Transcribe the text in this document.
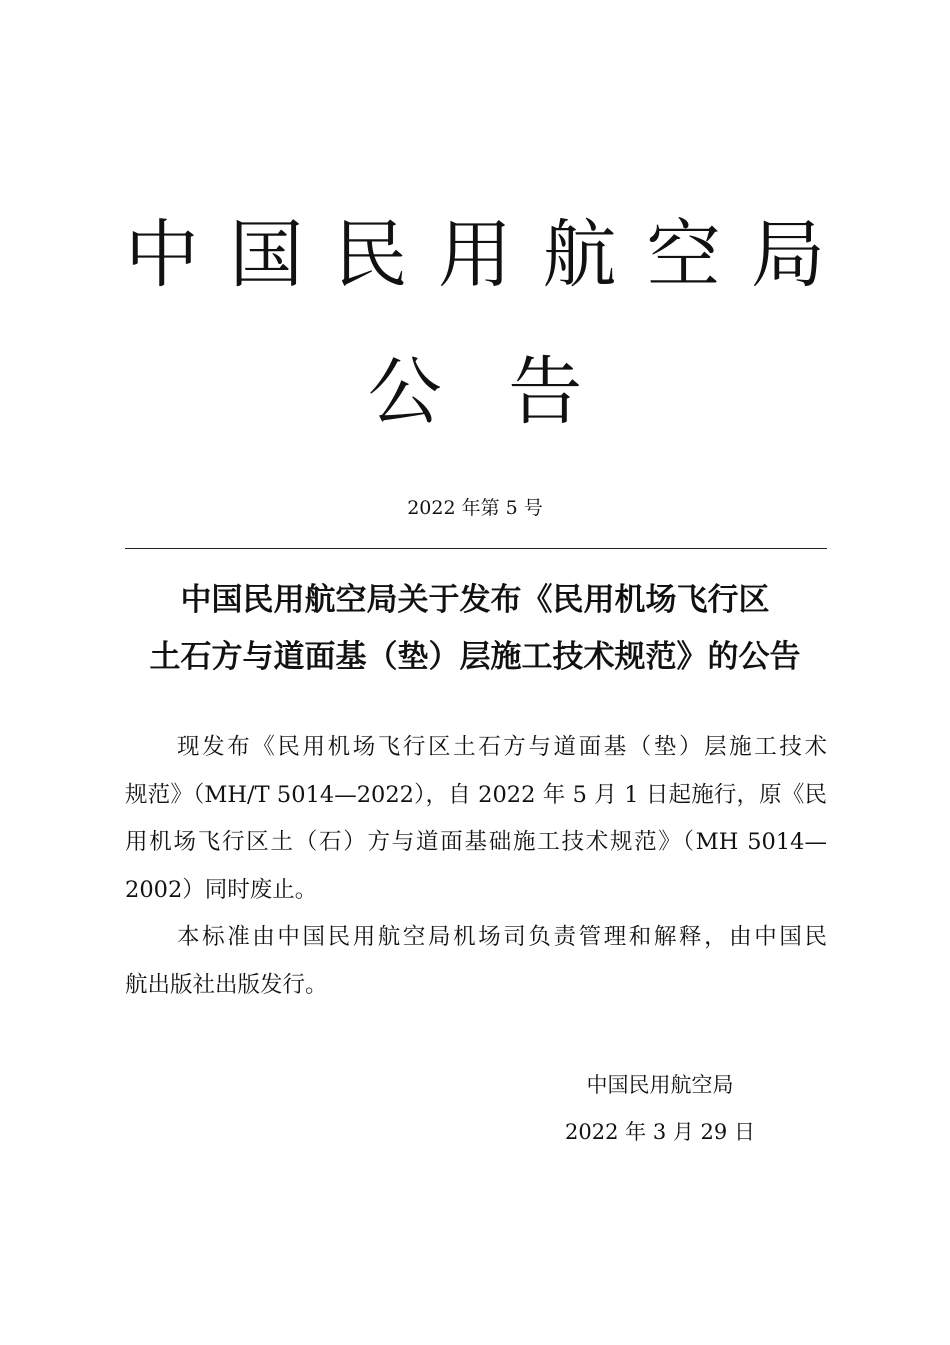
中 国 民 用 航 空 局
公告
2022 年第 5 号
中国民用航空局关于发布《民用机场飞行区
土石方与道面基（垫）层施工技术规范》的公告
现发布《民用机场飞行区土石方与道面基（垫）层施工技术
规范》（MH/T 5014—2022），自 2022 年 5 月 1 日起施行，原《民
用机场飞行区土（石）方与道面基础施工技术规范》（MH 5014—
2002）同时废止。
本标准由中国民用航空局机场司负责管理和解释，由中国民
航出版社出版发行。
中国民用航空局
2022 年 3 月 29 日
